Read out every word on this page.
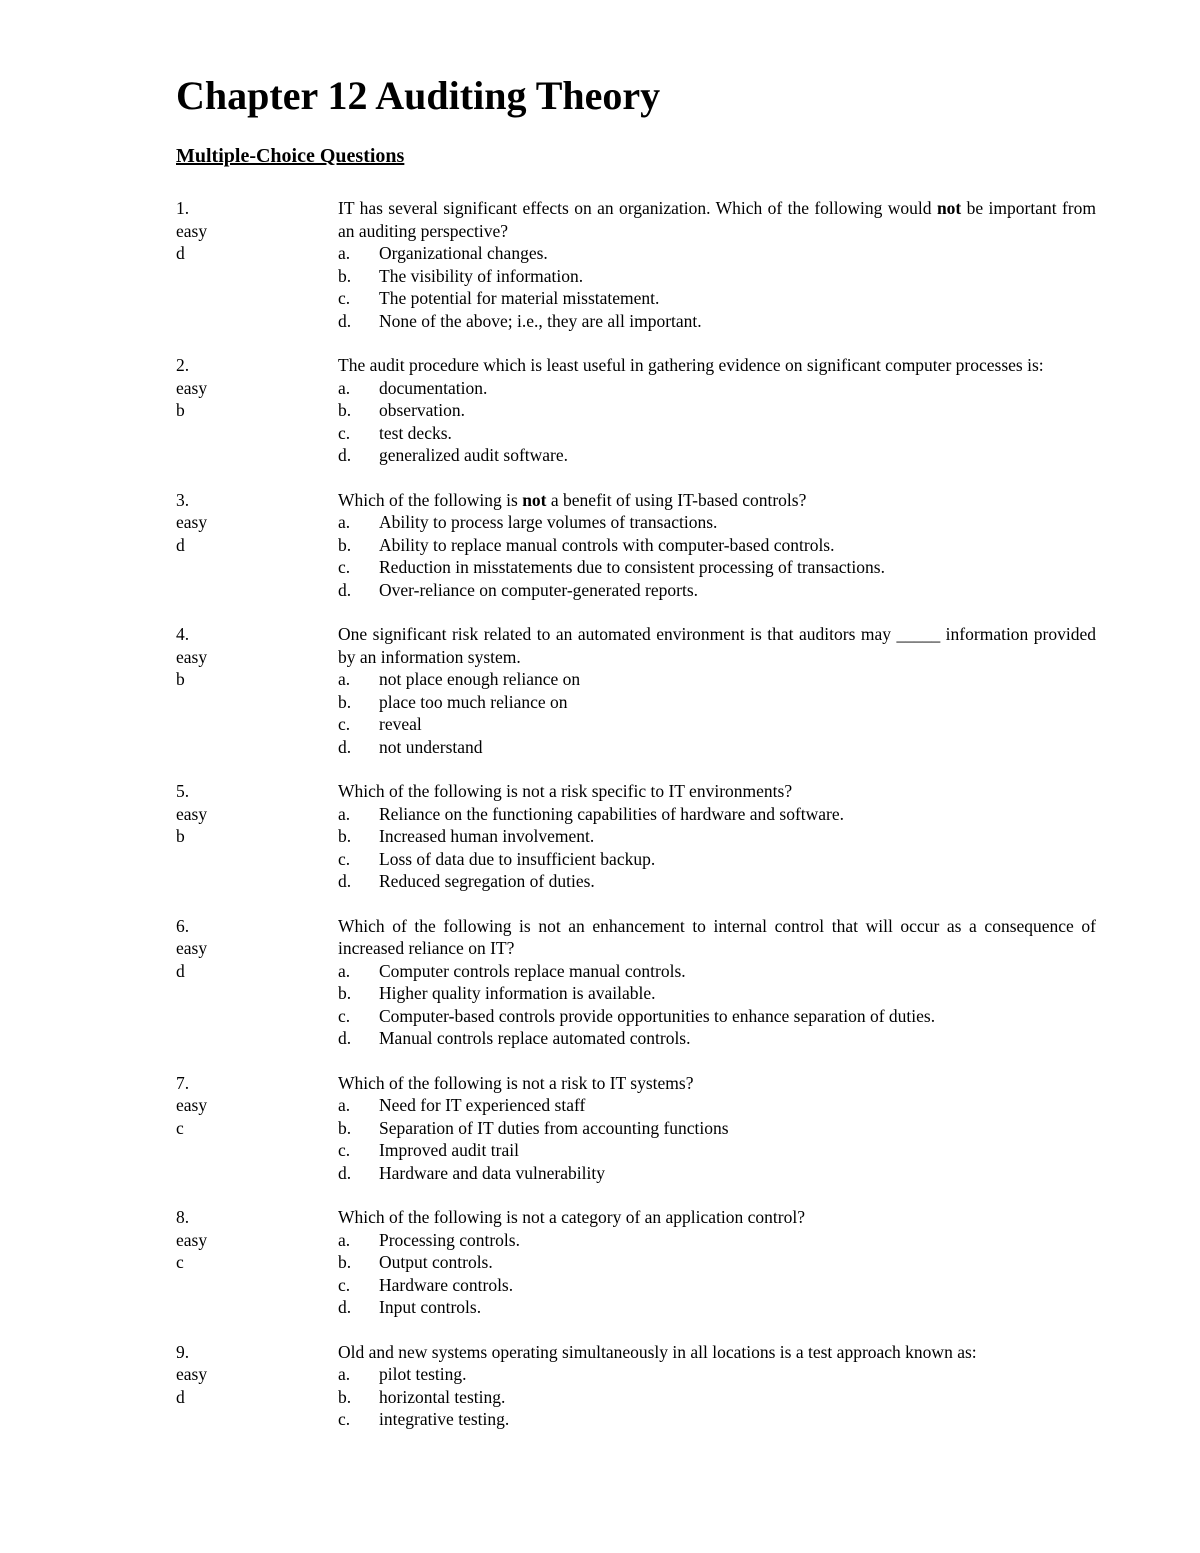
Chapter 12 Auditing Theory
Multiple-Choice Questions
1.
easy
d
IT has several significant effects on an organization. Which of the following would not be important from an auditing perspective?
a.	Organizational changes.
b.	The visibility of information.
c.	The potential for material misstatement.
d.	None of the above; i.e., they are all important.
2.
easy
b
The audit procedure which is least useful in gathering evidence on significant computer processes is:
a.	documentation.
b.	observation.
c.	test decks.
d.	generalized audit software.
3.
easy
d
Which of the following is not a benefit of using IT-based controls?
a.	Ability to process large volumes of transactions.
b.	Ability to replace manual controls with computer-based controls.
c.	Reduction in misstatements due to consistent processing of transactions.
d.	Over-reliance on computer-generated reports.
4.
easy
b
One significant risk related to an automated environment is that auditors may _____ information provided by an information system.
a.	not place enough reliance on
b.	place too much reliance on
c.	reveal
d.	not understand
5.
easy
b
Which of the following is not a risk specific to IT environments?
a.	Reliance on the functioning capabilities of hardware and software.
b.	Increased human involvement.
c.	Loss of data due to insufficient backup.
d.	Reduced segregation of duties.
6.
easy
d
Which of the following is not an enhancement to internal control that will occur as a consequence of increased reliance on IT?
a.	Computer controls replace manual controls.
b.	Higher quality information is available.
c.	Computer-based controls provide opportunities to enhance separation of duties.
d.	Manual controls replace automated controls.
7.
easy
c
Which of the following is not a risk to IT systems?
a.	Need for IT experienced staff
b.	Separation of IT duties from accounting functions
c.	Improved audit trail
d.	Hardware and data vulnerability
8.
easy
c
Which of the following is not a category of an application control?
a.	Processing controls.
b.	Output controls.
c.	Hardware controls.
d.	Input controls.
9.
easy
d
Old and new systems operating simultaneously in all locations is a test approach known as:
a.	pilot testing.
b.	horizontal testing.
c.	integrative testing.
